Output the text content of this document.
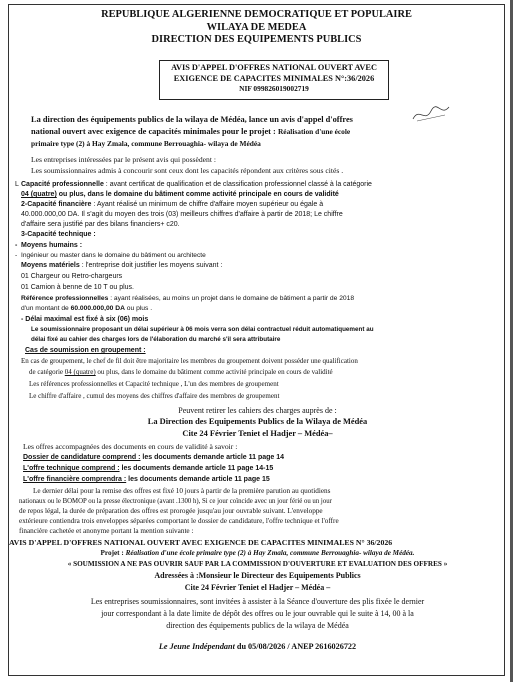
REPUBLIQUE ALGERIENNE DEMOCRATIQUE ET POPULAIRE
WILAYA DE MEDEA
DIRECTION DES EQUIPEMENTS PUBLICS
AVIS D'APPEL D'OFFRES NATIONAL OUVERT AVEC
EXIGENCE DE CAPACITES MINIMALES N°:36/2026
NIF 099826019002719
La direction des équipements publics de la wilaya de Médéa, lance un avis d'appel d'offres
national ouvert avec exigence de capacités minimales pour le projet : Réalisation d'une école
primaire type (2) à Hay Zmala, commune Berrouaghia- wilaya de Médéa
Les entreprises intéressées par le présent avis qui possèdent :
Les soumissionnaires admis à concourir sont ceux dont les capacités répondent aux critères sous cités .
L Capacité professionnelle : avant certificat de qualification et de classification professionnel classé à la catégorie
04 (quatre) ou plus, dans le domaine du bâtiment comme activité principale en cours de validité
2-Capacité financière : Ayant réalisé un minimum de chiffre d'affaire moyen supérieur ou égale à
40.000.000,00 DA. Il s'agit du moyen des trois (03) meilleurs chiffres d'affaire à partir de 2018; Le chiffre
d'affaire sera justifié par des bilans financiers+ c20.
3-Capacité technique :
- Moyens humains :
- Ingénieur ou master dans le domaine du bâtiment ou architecte
Moyens matériels : l'entreprise doit justifier les moyens suivant :
01 Chargeur ou Retro-chargeurs
01 Camion à benne de 10 T ou plus.
Référence professionnelles : ayant réalisées, au moins un projet dans le domaine de bâtiment a partir de 2018
d'un montant de 60.000.000,00 DA ou plus .
- Délai maximal est fixé à six (06) mois
Le soumissionnaire proposant un délai supérieur à 06 mois verra son délai contractuel réduit automatiquement au
délai fixé au cahier des charges lors de l'élaboration du marché s'il sera attributaire
Cas de soumission en groupement :
En cas de groupement, le chef de fil doit être majoritaire les membres du groupement doivent posséder une qualification
de catégorie 04 (quatre) ou plus, dans le domaine du bâtiment comme activité principale en cours de validité
Les références professionnelles et Capacité technique , L'un des membres de groupement
Le chiffre d'affaire , cumul des moyens des chiffres d'affaire des membres de groupement
Peuvent retirer les cahiers des charges auprès de :
La Direction des Equipements Publics de la Wilaya de Médéa
Cite 24 Février Teniet el Hadjer – Médéa–
Les offres accompagnées des documents en cours de validité à savoir :
Dossier de candidature comprend : les documents demande article 11 page 14
L'offre technique comprend : les documents demande article 11 page 14-15
L'offre financière comprendra : les documents demande article 11 page 15
Le dernier délai pour la remise des offres est fixé 10 jours à partir de la première parution au quotidiens
nationaux ou le BOMOP ou la presse électronique (avant .1300 h), Si ce jour coïncide avec un jour férié ou un jour
de repos légal, la durée de préparation des offres est prorogée jusqu'au jour ouvrable suivant. L'enveloppe
extérieure contiendra trois enveloppes séparées comportant le dossier de candidature, l'offre technique et l'offre
financière cachetée et anonyme portant la mention suivante :
AVIS D'APPEL D'OFFRES NATIONAL OUVERT AVEC EXIGENCE DE CAPACITES MINIMALES N° 36/2026
Projet : Réalisation d'une école primaire type (2) à Hay Zmala, commune Berrouaghia- wilaya de Médéa.
« SOUMISSION A NE PAS OUVRIR SAUF PAR LA COMMISSION D'OUVERTURE ET EVALUATION DES OFFRES »
Adressées à :Monsieur le Directeur des Equipements Publics
Cite 24 Février Teniet el Hadjer – Médéa –
Les entreprises soumissionnaires, sont invitées à assister à la Séance d'ouverture des plis fixée le dernier
jour correspondant à la date limite de dépôt des offres ou le jour ouvrable qui le suite à 14, 00 à la
direction des équipements publics de la wilaya de Médéa
Le Jeune Indépendant du 05/08/2026 / ANEP 2616026722
